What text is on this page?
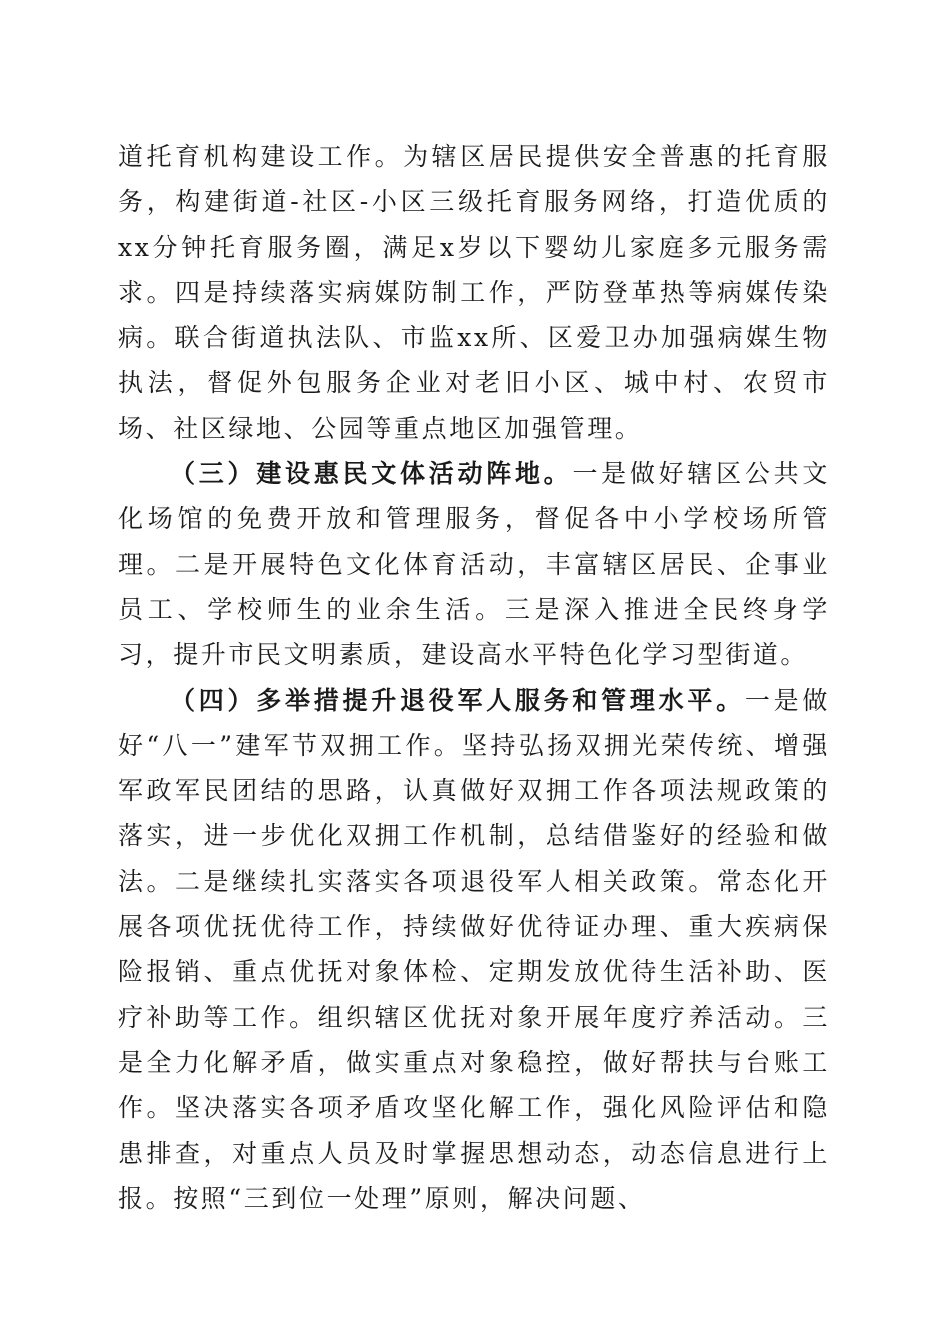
道托育机构建设工作。为辖区居民提供安全普惠的托育服务，构建街道-社区-小区三级托育服务网络，打造优质的xx分钟托育服务圈，满足x岁以下婴幼儿家庭多元服务需求。四是持续落实病媒防制工作，严防登革热等病媒传染病。联合街道执法队、市监xx所、区爱卫办加强病媒生物执法，督促外包服务企业对老旧小区、城中村、农贸市场、社区绿地、公园等重点地区加强管理。

（三）建设惠民文体活动阵地。一是做好辖区公共文化场馆的免费开放和管理服务，督促各中小学校场所管理。二是开展特色文化体育活动，丰富辖区居民、企事业员工、学校师生的业余生活。三是深入推进全民终身学习，提升市民文明素质，建设高水平特色化学习型街道。

（四）多举措提升退役军人服务和管理水平。一是做好“八一”建军节双拥工作。坚持弘扬双拥光荣传统、增强军政军民团结的思路，认真做好双拥工作各项法规政策的落实，进一步优化双拥工作机制，总结借鉴好的经验和做法。二是继续扎实落实各项退役军人相关政策。常态化开展各项优抚优待工作，持续做好优待证办理、重大疾病保险报销、重点优抚对象体检、定期发放优待生活补助、医疗补助等工作。组织辖区优抚对象开展年度疗养活动。三是全力化解矛盾，做实重点对象稳控，做好帮扶与台账工作。坚决落实各项矛盾攻坚化解工作，强化风险评估和隐患排查，对重点人员及时掌握思想动态，动态信息进行上报。按照“三到位一处理”原则，解决问题、
